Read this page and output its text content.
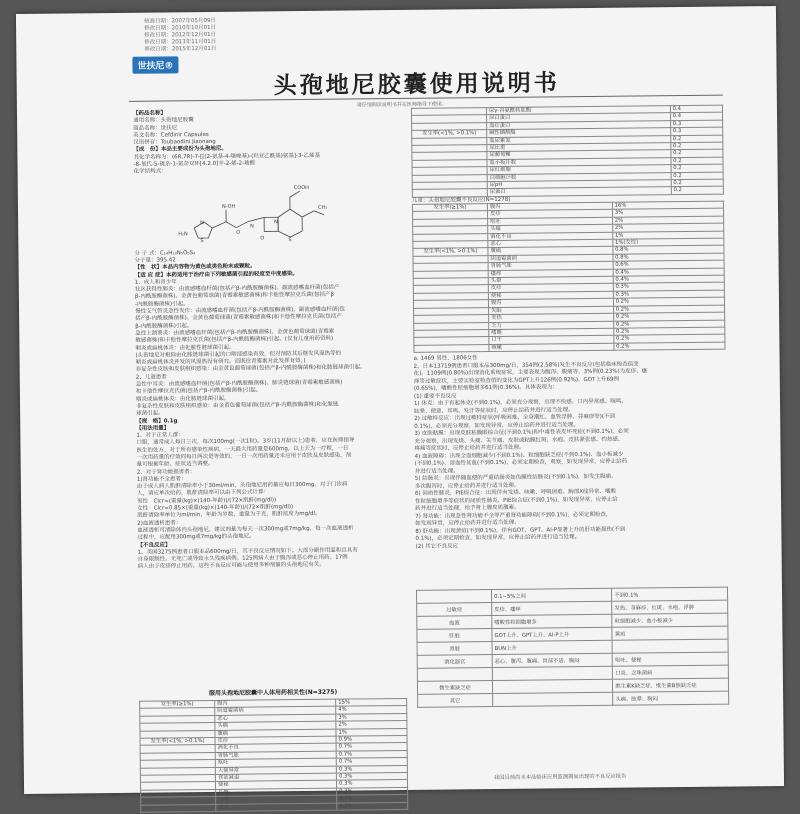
核准日期：2007年05月09日
修改日期：2010年10月01日
修改日期：2012年12月01日
修改日期：2013年11月01日
修改日期：2015年12月01日
世扶尼®
头孢地尼胶囊使用说明书
请仔细阅读说明书并在医师指导下使用。

【药品名称】

通用名称：头孢地尼胶囊

商品名称：世扶尼

英文名称：Cefdinir Capsules

汉语拼音：Toubaodini Jiaonang

【成　份】本品主要成份为头孢地尼。

其化学名称为：(6R,7R)-7-[[(2-氨基-4-噻唑基)-(羟亚乙酰基)氨基]-3-乙烯基

-8-氧代-5-硫杂-1-氮杂双环[4.2.0]辛-2-烯-2-羧酸

化学结构式：

H₂N
S
N
N-OH
O
N
O	S
N
COOH
CH₂

分 子 式：C₁₄H₁₃N₅O₅S₂

分子量：395.42

【性　状】本品内容物为黄色或类色粉末或颗粒。

【适 应 症】本药适用于治疗由下列敏感菌引起的轻度至中度感染。

1、成人和青少年

社区获得性肺炎：由流感嗜血杆菌(包括产β-内酰胺酶菌株)、副流感嗜血杆菌(包括产

β-内酰胺酶菌株)、金黄色葡萄球菌(青霉素敏感菌株)和卡他性摩拉克氏菌(包括产β

-内酰胺酶菌株)引起。

慢性支气管炎急性发作：由流感嗜血杆菌(包括产β-内酰胺酶菌株)、副流感嗜血杆菌(包

括产β-内酰胺酶菌株)、金黄色葡萄球菌(青霉素敏感菌株)和卡他性摩拉克氏菌(包括产

β-内酰胺酶菌株)引起。

急性上颌窦炎：由流感嗜血杆菌(包括产β-内酰胺酶菌株)、金黄色葡萄球菌(青霉素

敏感菌株)和卡他性摩拉克氏菌(包括产β-内酰胺酶菌株)引起。(仅有儿童用药资料)

咽炎或扁桃体炎：由化脓性链球菌引起。

(头孢地尼对根除由化脓链球菌引起的口咽部感染有效，但对预防其后继发风湿热等的

咽炎或扁桃体炎并发的风湿热没有研究。而既往青霉素对此发挥有效。)

非复杂性皮肤和皮肤组织感染：由金黄色葡萄球菌(包括产β-内酰胺酶菌株)和化脓链球菌引起。

2、儿童患者

急性中耳炎：由流感嗜血杆菌(包括产β-内酰胺酶菌株)、肺炎链球菌(青霉素敏感菌株)

和卡他性摩拉克氏菌(包括产β-内酰胺酶菌株)引起。

咽炎或扁桃体炎：由化脓链球菌引起。

非复杂性皮肤和皮肤组织感染：由金黄色葡萄球菌(包括产β-内酰胺酶菌株)和化脓链

球菌引起。

【规　格】0.1g

【用法用量】

1、对于正常人群：

口服，通常成人每日三次，每次100mg(一次1粒)。3岁(11月龄以上)患者，应在医师指导

医生的处方，对于所有感染性疾病，一天最大用药量是600mg，以上天为一疗程，一日

一次用药量的疗效同每日两次是等效的，一日一次用药量还未应用于皮肤及皮肤感染，剂

量可根据年龄、症状适当调整。

2、对于肾功能损害者：

1)肾功能不全患者：

由于成人病人肌酐清除率小于30ml/min，头孢地尼用药量应每日300mg。对于门诊病

人，请应单次给药，肌酐清除率可以由下列公式计算：

男性　Clcr=(重量(kg)×(140-年龄))/(72×肌酐(mg/dl))

女性　Clcr=0.85×(重量(kg)×(140-年龄))/(72×肌酐(mg/dl))

肌酐清除率单位为ml/min，年龄为岁数，重量为千克，肌酐浓度为mg/dl。

2)血液透析患者：

血液透析可清除体内头孢地尼，建议剂量为每天一次300mg或7mg/kg，每一次血液透析

过程中，应配用300mg或7mg/kg的头孢地尼。

【不良反应】

1、美国3275例患者口服本品600mg/日，其不良反应情况如下。大部分副作用温和且具有

自身限制性。无死亡或导致永久残疾病例。125例病人由于腹泻或恶心停止用药。17例

病人由于皮疹停止用药。这些不良反应可能与使用多种剂量的头孢地尼有关。

服用头孢地尼胶囊中人体用药相关性(N=3275)
发生率(≥1%)	腹泻	15%
	阴道霉菌病	4%
	恶心	3%
	头痛	2%
	腹痛	1%
发生率(<1%, >0.1%)	皮疹	0.9%
	消化不良	0.7%
	胃肠气胀	0.7%
	呕吐	0.7%
	大便异常	0.3%
	食欲减退	0.3%
	便秘	0.3%
	头晕	0.3%
	口干	0.3%
	乏力	0.2%
	尿γ-谷氨酰转肽酶	0.4
	尿白蛋白	0.4
	血红蛋白	0.3
发生率(<1%, >0.1%)	碱性磷酸酶	0.3
	血尿素氮	0.2
	尿比重	0.2
	尿葡萄糖	0.2
	血小板计数	0.2
	尿红细胞	0.2
	白细胞计数	0.2
	尿pH	0.2
	尿蛋白	0.2
儿童：头孢地尼胶囊不良反应(N=1278)
发生率(≥1%)	腹泻	16%
	皮疹	3%
	呕吐	2%
	头痛	2%
	消化不良	1%
	恶心	1%(女性)
发生率(<1%, >0.1%)	腹痛	0.8%
	阴道霉菌病	0.8%
	胃肠气胀	0.6%
	瘙痒	0.4%
	头晕	0.4%
	皮疹	0.3%
	便秘	0.3%
	腹泻	0.2%
	失眠	0.2%
	发热	0.2%
	乏力	0.2%
	嗜睡	0.2%
	口干	0.2%
	咳嗽	0.2%

a. 1469 男性，1806女性

2、日本13719例患者口服本品300mg/日，354例(2.58%)发生不良反应(包括临床检查值变

化)。1109例(0.80%)出现消化系统症状，主要表现为腹泻、腹痛等，3%例(0.23%)为皮疹、瘙

痒等过敏症状，主要实验室检查值的变化为GPT上升126例(0.92%)，GOT上升69例

(0.65%)，嗜酸性粒细胞增多61例(0.36%)。具体表现为：

(1) 重要不良反应

1) 休克：由于有起休克(不到0.1%)，必须充分观察，出现不快感、口内异常感、喘鸣、

眩晕、便意、耳鸣、发汗等症状时，应停止给药并进行适当处理。

2) 过敏样反应：出现过敏样症状(呼吸困难、全身潮红、血管浮肿、荨麻疹等)(不到

0.1%)，必须充分观察，如发现异常，应停止给药并进行适当处理。

3) 皮肤粘膜：出现皮肤粘膜眼综合征(不到0.1%)和中毒性表皮坏死症(不到0.1%)，必须

充分观察，出现发烧、头痛、关节痛、皮肤或粘膜红斑、水疱、皮肤紧张感、灼热感、

疼痛等症状时，应停止给药并进行适当处理。

4) 血液障碍：出现全血细胞减少(不到0.1%)、粒细胞缺乏症(不到0.1%)、血小板减少

(不到0.1%)、溶血性贫血(不到0.1%)，必须定期检查，观察，如发现异常，应停止给药

并进行适当处理。

5) 结肠炎：出现伴随血便的严重结肠炎如伪膜性结肠炎(不到0.1%)，如发生腹痛、

多次腹泻时，应停止给药并进行适当处理。

6) 间质性肺炎，PIE综合征：出现伴有发烧、咳嗽、呼吸困难、胸部X线异常、嗜酸

性粒细胞增多等症状的间质性肺炎、PIE综合征(不到0.1%)，如发现异常，应停止给

药并进行适当处理，给予肾上腺皮质激素。

7) 肾功能：出现急性肾功能不全等严重肾功能障碍(不到0.1%)，必须定期检查，

如发现异常，应停止给药并进行适当处理。

8) 肝功能：出现黄疸(不到0.1%)，伴有GOT、GPT、Al-P显著上升的肝功能损伤(不到

0.1%)，必须定期检查，如发现异常，应停止给药并进行适当处理。

(2) 其它不良反应

	0.1~5%之间	不到0.1%
过敏症	皮疹、瘙痒	发热、荨麻疹、红斑、水疱、浮肿
血液	嗜酸性粒细胞增多	粒细胞减少、血小板减少
肝脏	GOT上升、GPT上升、Al-P上升	黄疸
肾脏	BUN上升	
消化器官	恶心、腹泻、腹痛、胃部不适、胸闷	呕吐、便秘
		口炎、念珠菌病
微生素缺乏症		维生素K缺乏症、维生素B族缺乏症
其它		头痛、眩晕、胸闷
我国目前尚未本品临床应用监测期间出现的不良反应报告
